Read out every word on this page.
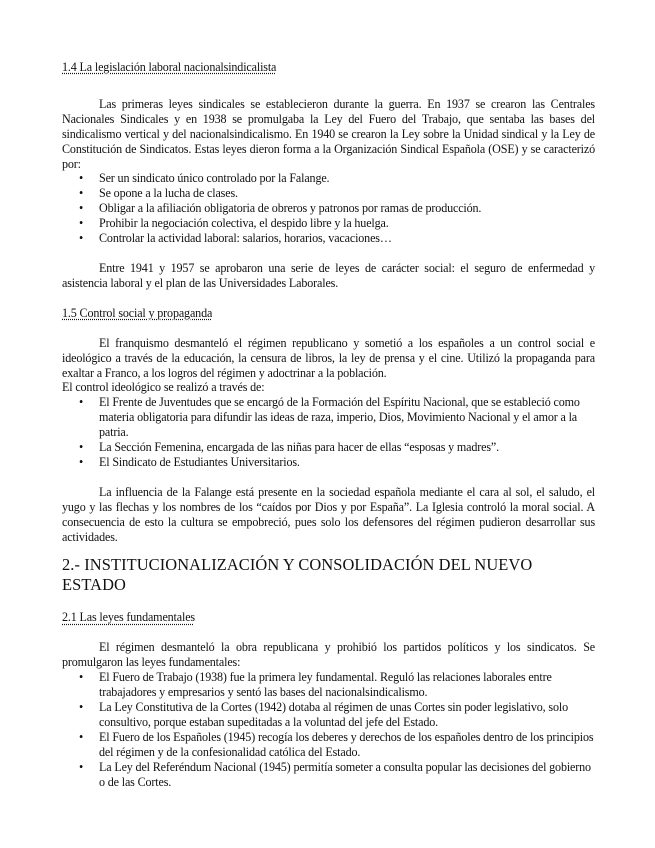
1.4 La legislación laboral nacionalsindicalista

Las primeras leyes sindicales se establecieron durante la guerra. En 1937 se crearon las Centrales Nacionales Sindicales y en 1938 se promulgaba la Ley del Fuero del Trabajo, que sentaba las bases del sindicalismo vertical y del nacionalsindicalismo. En 1940 se crearon la Ley sobre la Unidad sindical y la Ley de Constitución de Sindicatos. Estas leyes dieron forma a la Organización Sindical Española (OSE) y se caracterizó por:

• Ser un sindicato único controlado por la Falange.
• Se opone a la lucha de clases.
• Obligar a la afiliación obligatoria de obreros y patronos por ramas de producción.
• Prohibir la negociación colectiva, el despido libre y la huelga.
• Controlar la actividad laboral: salarios, horarios, vacaciones…

Entre 1941 y 1957 se aprobaron una serie de leyes de carácter social: el seguro de enfermedad y asistencia laboral y el plan de las Universidades Laborales.

1.5 Control social y propaganda

El franquismo desmanteló el régimen republicano y sometió a los españoles a un control social e ideológico a través de la educación, la censura de libros, la ley de prensa y el cine. Utilizó la propaganda para exaltar a Franco, a los logros del régimen y adoctrinar a la población.

El control ideológico se realizó a través de:

• El Frente de Juventudes que se encargó de la Formación del Espíritu Nacional, que se estableció como materia obligatoria para difundir las ideas de raza, imperio, Dios, Movimiento Nacional y el amor a la patria.
• La Sección Femenina, encargada de las niñas para hacer de ellas “esposas y madres”.
• El Sindicato de Estudiantes Universitarios.

La influencia de la Falange está presente en la sociedad española mediante el cara al sol, el saludo, el yugo y las flechas y los nombres de los “caídos por Dios y por España”. La Iglesia controló la moral social. A consecuencia de esto la cultura se empobreció, pues solo los defensores del régimen pudieron desarrollar sus actividades.

2.- INSTITUCIONALIZACIÓN Y CONSOLIDACIÓN DEL NUEVO ESTADO

2.1 Las leyes fundamentales

El régimen desmanteló la obra republicana y prohibió los partidos políticos y los sindicatos. Se promulgaron las leyes fundamentales:

• El Fuero de Trabajo (1938) fue la primera ley fundamental. Reguló las relaciones laborales entre trabajadores y empresarios y sentó las bases del nacionalsindicalismo.
• La Ley Constitutiva de la Cortes (1942) dotaba al régimen de unas Cortes sin poder legislativo, solo consultivo, porque estaban supeditadas a la voluntad del jefe del Estado.
• El Fuero de los Españoles (1945) recogía los deberes y derechos de los españoles dentro de los principios del régimen y de la confesionalidad católica del Estado.
• La Ley del Referéndum Nacional (1945) permitía someter a consulta popular las decisiones del gobierno o de las Cortes.
